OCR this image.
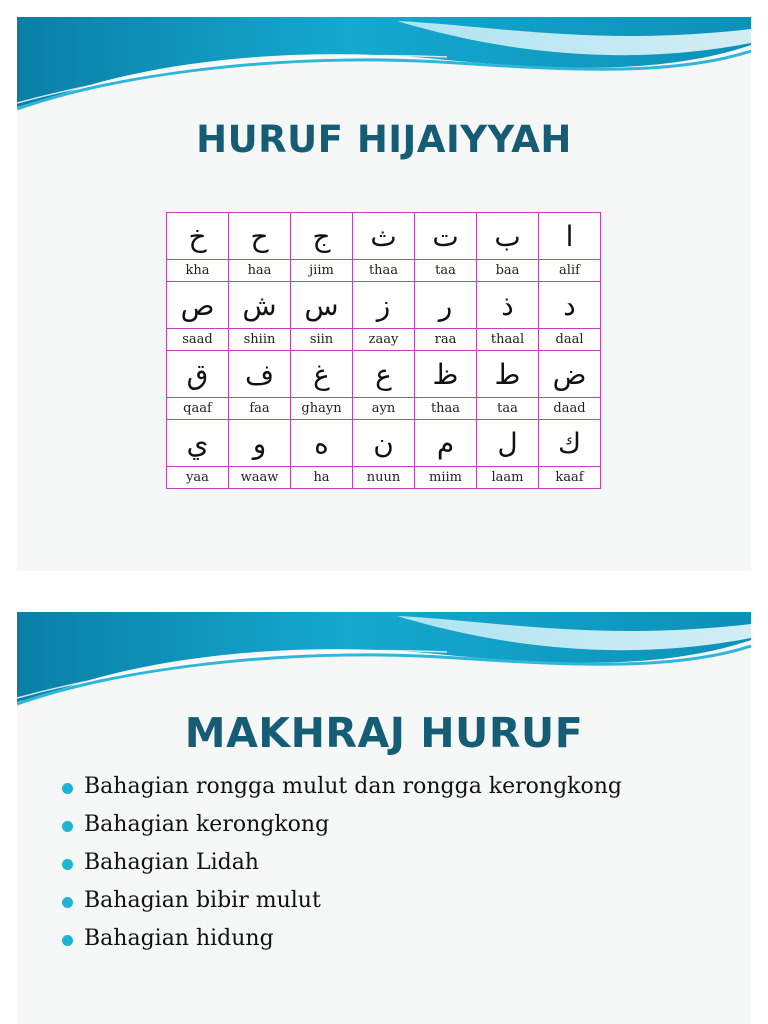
HURUF HIJAIYYAH
خ	ح	ج	ث	ت	ب	ا
kha	haa	jiim	thaa	taa	baa	alif
ص	ش	س	ز	ر	ذ	د
saad	shiin	siin	zaay	raa	thaal	daal
ق	ف	غ	ع	ظ	ط	ض
qaaf	faa	ghayn	ayn	thaa	taa	daad
ي	و	ه	ن	م	ل	ك
yaa	waaw	ha	nuun	miim	laam	kaaf
MAKHRAJ HURUF
Bahagian rongga mulut dan rongga kerongkong
Bahagian kerongkong
Bahagian Lidah
Bahagian bibir mulut
Bahagian hidung
